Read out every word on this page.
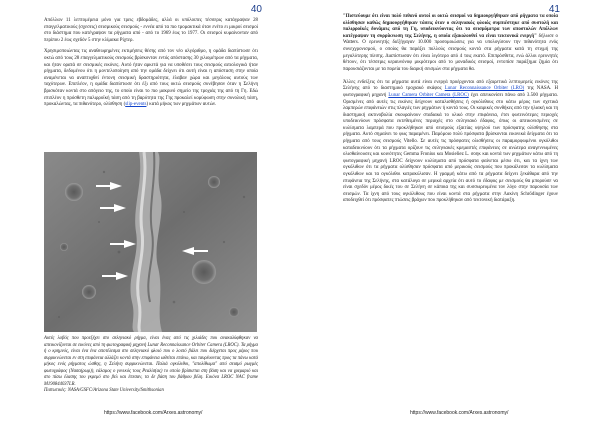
40

Απόλλων 11 λεπτομέρεια μόνο για τρεις εβδομάδες, αλλά οι υπόλοιπες τέσσερις κατάγραψαν 28 επαγγελματικούς (σχεσεις) σεισμικούς σεισμούς - εννέα από τα πιο τρομακτικά όταν ενέτο ει μικροί σεισμοί στο διάστημα που κατέγραψαν τα ρήγματα από - από το 1969 έως το 1977. Οι σεισμοί κυμαίνονταν από περίπου 2 έως σχεδόν 5 στην κλίμακα Ρίχτερ.

Χρησιμοποιώντας τις αναθεωρημένες εκτιμήσεις θέσης από τον νέο αλγόριθμο, η ομάδα διαπίστωσε ότι οκτώ από τους 28 επαγγελματικούς σεισμούς βρίσκονταν εντός απόστασης 30 χιλιομέτρων από τα ρήγματα, και ήταν ορατά σε σεισμικές εικόνες. Αυτό ήταν αρκετά για να υποθέσει τους σεισμούς αιτιολογικά ήταν ρήγματα, δεδομένου ότι η μοντελοποίηση από την ομάδα δείχνει ότι αυτή είναι η απόσταση στην οποία αναμένεται να αναπτυχθεί έντονη σεισμική δραστηριότητα, έλαβαν χώρα και μεγάλους αυτούς των ταχύτερων. Επιπλέον, η ομάδα διαπίστωσε ότι έξι από τους οκτώ σεισμούς συνέβησαν όταν η Σελήνη βρισκόταν κοντά στο απόγειο της, το οποίο είναι το πιο μακρινό σημείο της τροχιάς της από τη Γη. Εδώ επιπλέον η πρόσθετη παλιρροϊκή τάση από τη βαρύτητα της Γης προκαλεί κορύφωση στην συνολική τάση, προκαλώντας, τα πιθανότερο, ολίσθηση (slip-events) κατά μήκος των ρηγμάτων αυτών.

Αυτές λοβός που προεξέχει στο σεληνιακό ρήγμα, είναι ένας από τις χιλιάδες που ανακαλύφθηκαν να απεικονίζονται σε εικόνες από τη φωτογραφική μηχανή Lunar Reconnaissance Orbiter Camera (LROC). Τα ρήγμα ή ο κρημνός, είναι ένα ένα αποτέλεσμα στο σεληνιακό φλοιό που ο λοιπό βάλει που διέρχεται προς μέρος που συρρικνώνεται εν στη επιφάνεια αλλάζει κοντά στην επιφάνεια ωθείται επάνω, και ταυρέυοντας προς τα πάνω κατά μήκος ενός ρήγματος ώσθης, η Σελήνη συρρικνώνεται. Παλιά ογκόλιθοι, "απολίθωμα" από σεισμό ρωγμές φωτογράφος (Νασα(ρωρ)), εάλαμος ο γονικός τους Ρεαλίσ(ας) το οποίο βρίσκεται στη βάση και να γρεμαριό και στο πίσω έλασης του γκρεμό στο βελ και έπεσαν, τα δε βάση του βάθρου βέλη. Εικόνα LROC NAC frame M190844037LR.
Πιστωτικές: NASA/GSFC/Arizona State University/Smithsonian
https://www.facebook.com/Arxes.astronomy/
41

"Πιστεύουμε ότι είναι πολύ πιθανό αυτοί οι οκτώ σεισμοί να δημιουργήθηκαν από ρήγματα τα οποία ολίσθησαν καθώς δημιουργήθηκαν τάσεις όταν ο σεληνιακός φλοιός συμπιέστηκε από συστολή και παλιρροϊκές δυνάμεις από τη Γη, υποδεικνύοντας ότι τα σεισμόμετρα των αποστολών Απόλλων κατέγραψαν τη συρρίκνωση της Σελήνης, η οποία εξακολουθεί να είναι τεκτονικά ενεργή" δήλωσε ο Watters. Ο ερευνητής διέξήγαγαν 10.000 προσομοιώσεις για να υπολογίσουν την πιθανότητα ενός συνεχγρονισμού, ο οποίος θα παράξει πολλούς σεισμούς κοντά στα ρήγματα κατά τη στιγμή της μεγαλύτερης πίεσης. Διαπίστωσαν ότι είναι λιγότερο από 4 τοις εκατό. Επιπρόσθετα, ενώ άλλοι ερευνητές θέτουν, ότι τέσσερις κεραυνόνοφ μικρότεροι από το μοναδικός σεισμοί, εντοπίσε παράξημα ζημία ότι παρουσιάζονται με τα πορεία του διαρκή σεισμών στα ρήγματα θα.

Άλλες ενδείξεις ότι τα ρήγματα αυτά είναι ενεργά προέρχονται από εξαιρετικά λεπτομερείς εικόνες της Σελήνης από το διαστημικό τροχιακό σκάφος Lunar Reconnaissance Orbiter (LRO) της NASA. Η φωτογραφική μηχανή Lunar Camera Orbiter Camera (LROC) έχει απεικονίσει πάνω από 3.500 ρήγματα. Ορισμένες από αυτές τις εικόνες δείχνουν καταλισθήσεις ή ογκόλιθους στο κάτω μέρος των σχετικά λαμπερών επιφάνειών στις πλαγιές των ρηγμάτων ή κοντά τους. Οι καιρικές συνθήκες από την ηλιακή και τη διαστημική ακτινοβολία σκουραίνουν σταδιακά το υλικό στην επιφάνεια, έτσι φωτεινότερες περιοχές υποδεικνύουν πρόσφατα εκτεθειμένες περιοχές στο σεληνιακό έδαφος, όπως οι απεικονισμένες σε κυλίσματα λαμπερά που προκλήθηκαν από σεισμούς εξαιτίας υψηλού των πρόσφατης ολίσθησης στα ρήγματα. Αυτό σημαίνει το φως παραμένει. Παρόμοιο πολύ πρόσφατα βρίσκονται εικονικά δείγματα ότι τα ρήγματα από τους σεισμούς Vitello. Σε αυτές τις πρόσφατες ολισθήσεις οι παραμορφωμένοι ογκόλιθοι καταδεικνύουν ότι τα ρήγματα ορίζουν τις σεληνιακές κρεμαστές επιφάνειες σε ανώτερα αναγεννωμένες ολισθαίνουσες και κοινότητες Gemma Fronius και Mosieliez L. σοηκ και κοντά των ρηγμάτων κάτω από τη φωτογραφική μηχανή LROC δείχνουν κυλίσματα από πρόσφατα φαίνεται μέσω ότι, και τα ίχνη των ογκόλιθων ότι τα ρήγματα ολίσθησαν πρόσφατα από μερικούς σεισμούς που προκάλεσαν τα κυλίσματα ογκόλιθων και τα ογκόλιθοι κατρακύλισαν. Η γραμμή κάτω από τα ρήγματα δείχνει ξεκάθαρα από την επιφάνεια της Σελήνης, στα κατάλογα σε μερικά αρχεία ότι αυτό το έδαφος με σεισμούς θα μπορούσε να είναι σχεδόν μέρος δικές του σε Σελήνη σε κάποια της και συσσωρευμένα τον λόγο στην παρουσία των σεισμών. Τα ίχνη από τους ογκόλιθους που είναι κοντά στα ρήγματα στην Λακίνη Schrödinger έχουν αποδειχθεί ότι πρόσφατες πτώσεις βράχων που προκλήθηκαν από τεκτονική διατάραξη.

https://www.facebook.com/Arxes.astronomy/
